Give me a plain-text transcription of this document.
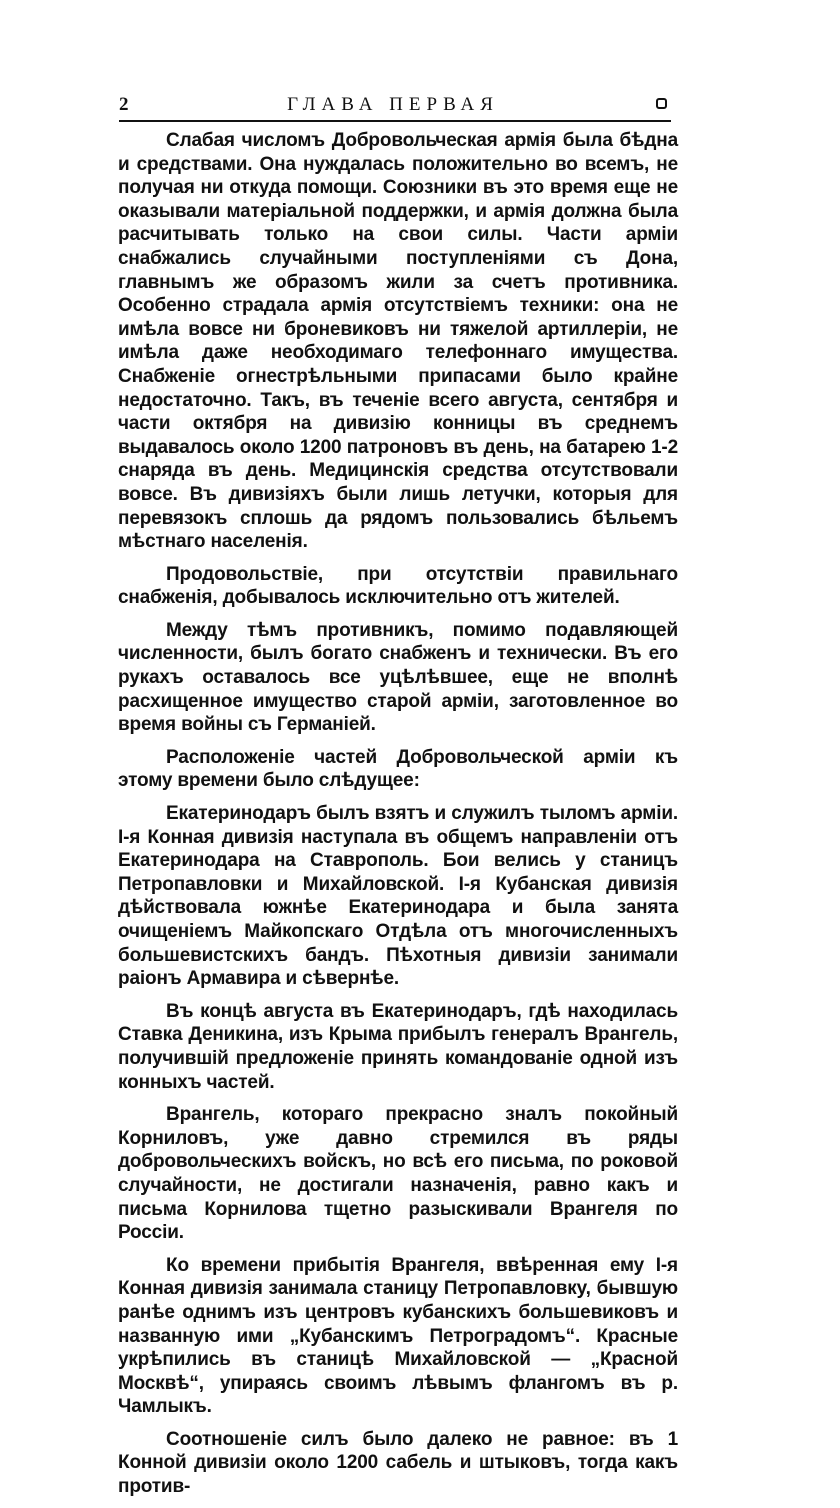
2	ГЛАВА ПЕРВАЯ

Слабая числомъ Добровольческая армія была бѣдна и средствами. Она нуждалась положительно во всемъ, не получая ни откуда помощи. Союзники въ это время еще не оказывали матеріальной поддержки, и армія должна была расчитывать только на свои силы. Части арміи снабжались случайными поступленіями съ Дона, главнымъ же образомъ жили за счетъ противника. Особенно страдала армія отсутствіемъ техники: она не имѣла вовсе ни броневиковъ ни тяжелой артиллеріи, не имѣла даже необходимаго телефоннаго имущества. Снабженіе огнестрѣльными припасами было крайне недостаточно. Такъ, въ теченіе всего августа, сентября и части октября на дивизію конницы въ среднемъ выдавалось около 1200 патроновъ въ день, на батарею 1-2 снаряда въ день. Медицинскія средства отсутствовали вовсе. Въ дивизіяхъ были лишь летучки, которыя для перевязокъ сплошь да рядомъ пользовались бѣльемъ мѣстнаго населенія.

Продовольствіе, при отсутствіи правильнаго снабженія, добывалось исключительно отъ жителей.

Между тѣмъ противникъ, помимо подавляющей численности, былъ богато снабженъ и технически. Въ его рукахъ оставалось все уцѣлѣвшее, еще не вполнѣ расхищенное имущество старой арміи, заготовленное во время войны съ Германіей.

Расположеніе частей Добровольческой арміи къ этому времени было слѣдущее:

Екатеринодаръ былъ взятъ и служилъ тыломъ арміи. І-я Конная дивизія наступала въ общемъ направленіи отъ Екатеринодара на Ставрополь. Бои велись у станицъ Петропавловки и Михайловской. І-я Кубанская дивизія дѣйствовала южнѣе Екатеринодара и была занята очищеніемъ Майкопскаго Отдѣла отъ многочисленныхъ большевистскихъ бандъ. Пѣхотныя дивизіи занимали раіонъ Армавира и сѣвернѣе.

Въ концѣ августа въ Екатеринодаръ, гдѣ находилась Ставка Деникина, изъ Крыма прибылъ генералъ Врангель, получившій предложеніе принять командованіе одной изъ конныхъ частей.

Врангель, котораго прекрасно зналъ покойный Корниловъ, уже давно стремился въ ряды добровольческихъ войскъ, но всѣ его письма, по роковой случайности, не достигали назначенія, равно какъ и письма Корнилова тщетно разыскивали Врангеля по Россіи.

Ко времени прибытія Врангеля, ввѣренная ему І-я Конная дивизія занимала станицу Петропавловку, бывшую ранѣе однимъ изъ центровъ кубанскихъ большевиковъ и названную ими „Кубанскимъ Петроградомъ“. Красные укрѣпились въ станицѣ Михайловской — „Красной Москвѣ“, упираясь своимъ лѣвымъ флангомъ въ р. Чамлыкъ.

Соотношеніе силъ было далеко не равное: въ 1 Конной дивизіи около 1200 сабель и штыковъ, тогда какъ против-
